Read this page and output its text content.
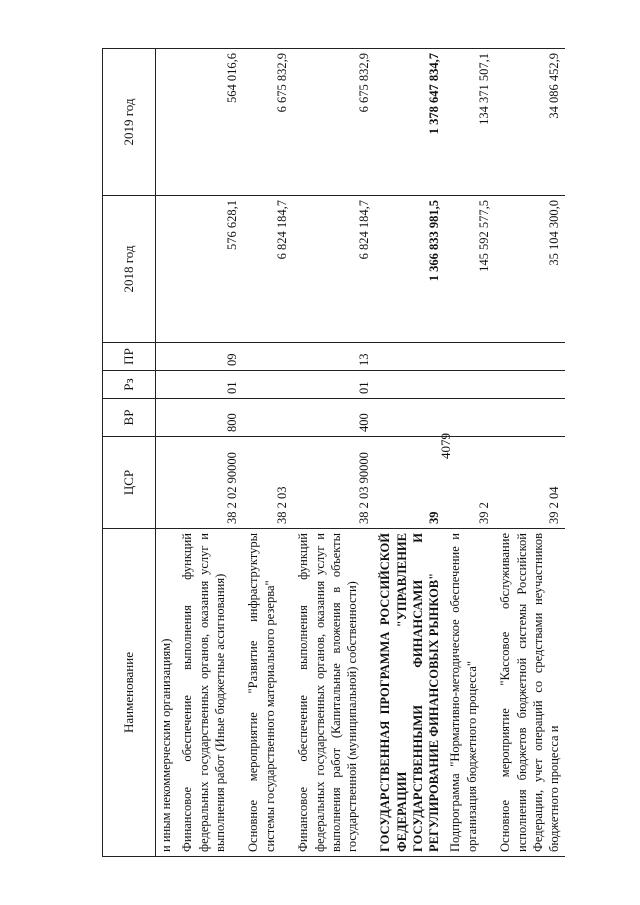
4079
Наименование	ЦСР	ВР	Рз	ПР	2018 год	2019 год
и иным некоммерческим организациям)						
Финансовое обеспечение выполнения функций федеральных государственных органов, оказания услуг и выполнения работ (Иные бюджетные ассигнования)	38 2 02 90000	800	01	09	576 628,1	564 016,6
Основное мероприятие "Развитие инфраструктуры системы государственного материального резерва"	38 2 03				6 824 184,7	6 675 832,9
Финансовое обеспечение выполнения функций федеральных государственных органов, оказания услуг и выполнения работ (Капитальные вложения в объекты государственной (муниципальной) собственности)	38 2 03 90000	400	01	13	6 824 184,7	6 675 832,9
ГОСУДАРСТВЕННАЯ ПРОГРАММА РОССИЙСКОЙ ФЕДЕРАЦИИ "УПРАВЛЕНИЕ ГОСУДАРСТВЕННЫМИ ФИНАНСАМИ И РЕГУЛИРОВАНИЕ ФИНАНСОВЫХ РЫНКОВ"	39				1 366 833 981,5	1 378 647 834,7
Подпрограмма "Нормативно-методическое обеспечение и организация бюджетного процесса"	39 2				145 592 577,5	134 371 507,1
Основное мероприятие "Кассовое обслуживание исполнения бюджетов бюджетной системы Российской Федерации, учет операций со средствами неучастников бюджетного процесса и	39 2 04				35 104 300,0	34 086 452,9
